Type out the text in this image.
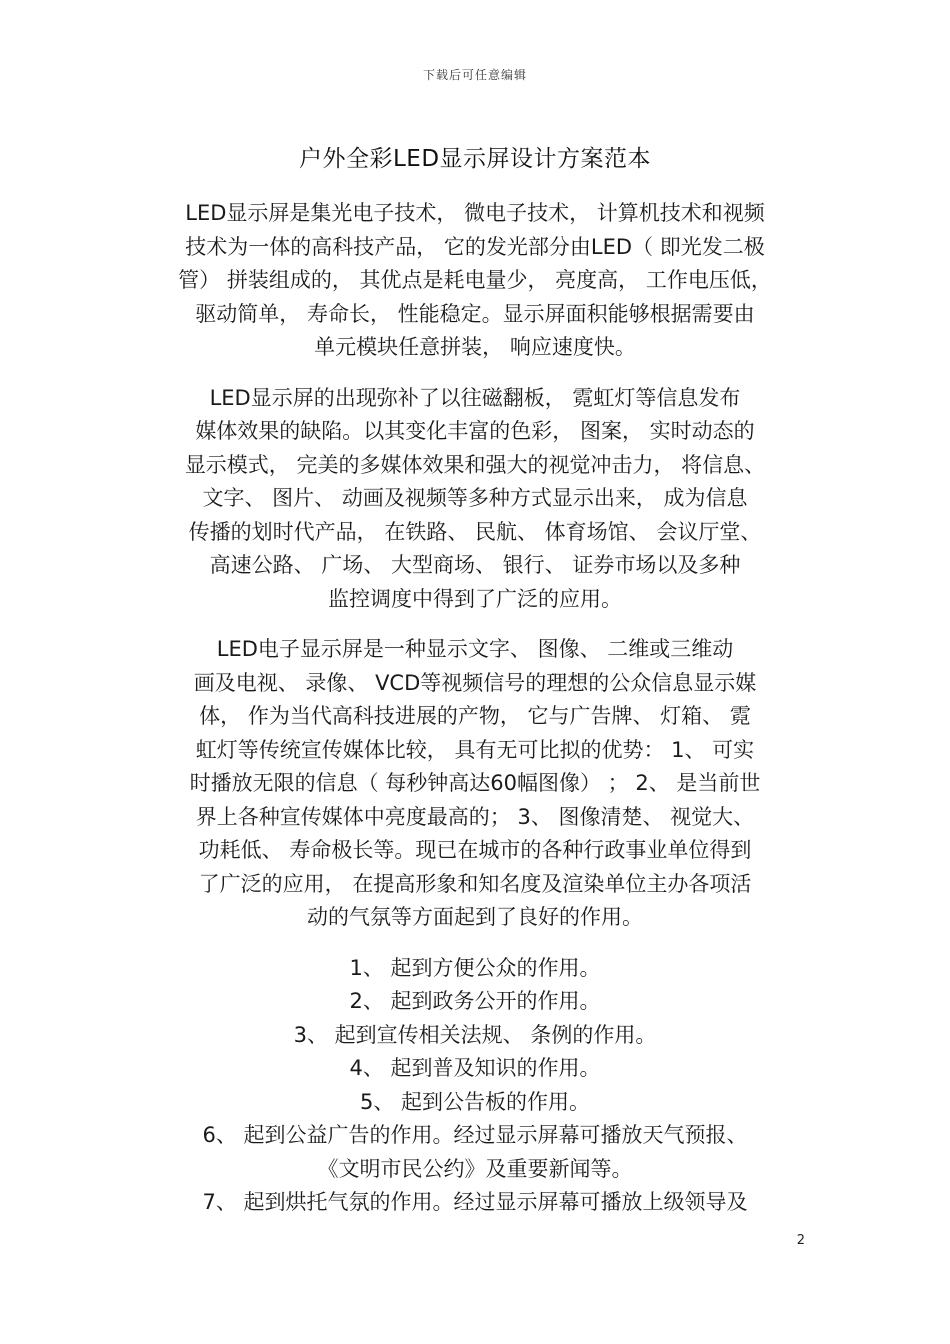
下载后可任意编辑
户外全彩LED显示屏设计方案范本
LED显示屏是集光电子技术， 微电子技术， 计算机技术和视频
技术为一体的高科技产品， 它的发光部分由LED（ 即光发二极
管） 拼装组成的， 其优点是耗电量少， 亮度高， 工作电压低，
驱动简单， 寿命长， 性能稳定。显示屏面积能够根据需要由
单元模块任意拼装， 响应速度快。
LED显示屏的出现弥补了以往磁翻板， 霓虹灯等信息发布
媒体效果的缺陷。以其变化丰富的色彩， 图案， 实时动态的
显示模式， 完美的多媒体效果和强大的视觉冲击力， 将信息、
文字、 图片、 动画及视频等多种方式显示出来， 成为信息
传播的划时代产品， 在铁路、 民航、 体育场馆、 会议厅堂、
高速公路、 广场、 大型商场、 银行、 证券市场以及多种
监控调度中得到了广泛的应用。
LED电子显示屏是一种显示文字、 图像、 二维或三维动
画及电视、 录像、 VCD等视频信号的理想的公众信息显示媒
体， 作为当代高科技进展的产物， 它与广告牌、 灯箱、 霓
虹灯等传统宣传媒体比较， 具有无可比拟的优势： 1、 可实
时播放无限的信息（ 每秒钟高达60幅图像） ； 2、 是当前世
界上各种宣传媒体中亮度最高的； 3、 图像清楚、 视觉大、
功耗低、 寿命极长等。现已在城市的各种行政事业单位得到
了广泛的应用， 在提高形象和知名度及渲染单位主办各项活
动的气氛等方面起到了良好的作用。
1、 起到方便公众的作用。
2、 起到政务公开的作用。
3、 起到宣传相关法规、 条例的作用。
4、 起到普及知识的作用。
5、 起到公告板的作用。
6、 起到公益广告的作用。经过显示屏幕可播放天气预报、
《文明市民公约》及重要新闻等。
7、 起到烘托气氛的作用。经过显示屏幕可播放上级领导及
2
